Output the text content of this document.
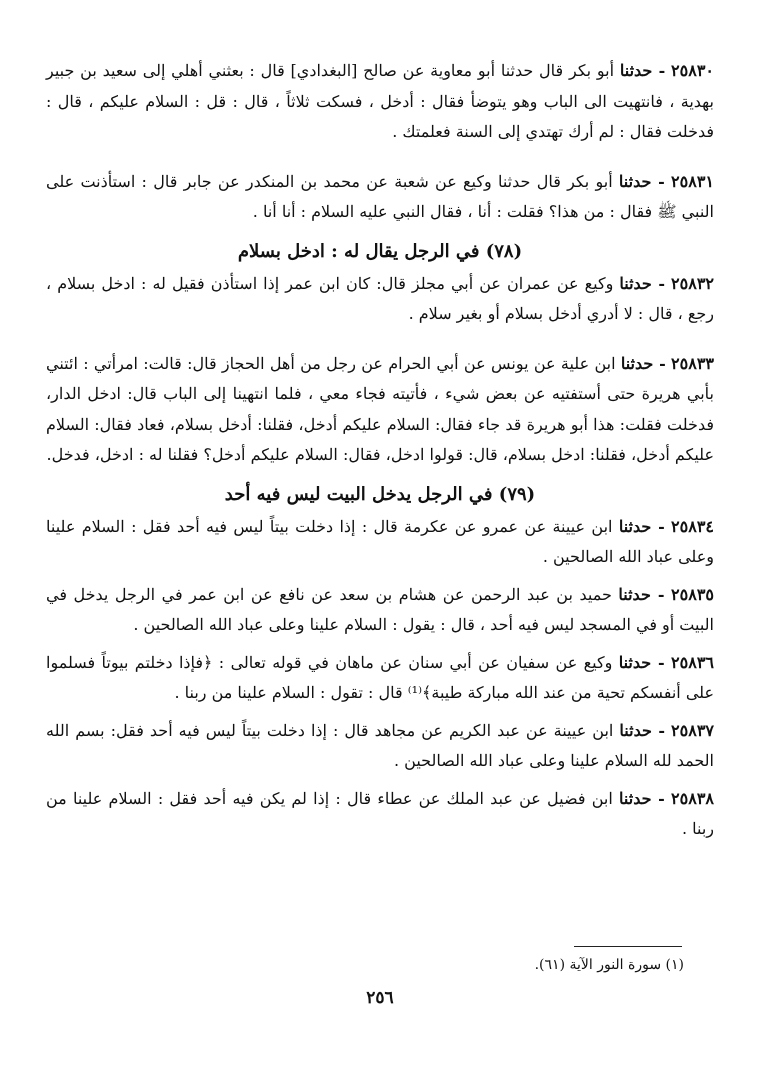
٢٥٨٣٠ - حدثنا أبو بكر قال حدثنا أبو معاوية عن صالح [البغدادي] قال : بعثني أهلي إلى سعيد بن جبير بهدية ، فانتهيت الى الباب وهو يتوضأ فقال : أدخل ، فسكت ثلاثاً ، قال : قل : السلام عليكم ، قال : فدخلت فقال : لم أرك تهتدي إلى السنة فعلمتك .

٢٥٨٣١ - حدثنا أبو بكر قال حدثنا وكيع عن شعبة عن محمد بن المنكدر عن جابر قال : استأذنت على النبي ﷺ فقال : من هذا؟ فقلت : أنا ، فقال النبي عليه السلام : أنا أنا .

(٧٨) في الرجل يقال له : ادخل بسلام

٢٥٨٣٢ - حدثنا وكيع عن عمران عن أبي مجلز قال: كان ابن عمر إذا استأذن فقيل له : ادخل بسلام ، رجع ، قال : لا أدري أدخل بسلام أو بغير سلام .

٢٥٨٣٣ - حدثنا ابن علية عن يونس عن أبي الحرام عن رجل من أهل الحجاز قال: قالت: امرأتي : ائتني بأبي هريرة حتى أستفتيه عن بعض شيء ، فأتيته فجاء معي ، فلما انتهينا إلى الباب قال: ادخل الدار، فدخلت فقلت: هذا أبو هريرة قد جاء فقال: السلام عليكم أدخل، فقلنا: أدخل بسلام، فعاد فقال: السلام عليكم أدخل، فقلنا: ادخل بسلام، قال: قولوا ادخل، فقال: السلام عليكم أدخل؟ فقلنا له : ادخل، فدخل.

(٧٩) في الرجل يدخل البيت ليس فيه أحد

٢٥٨٣٤ - حدثنا ابن عيينة عن عمرو عن عكرمة قال : إذا دخلت بيتاً ليس فيه أحد فقل : السلام علينا وعلى عباد الله الصالحين .

٢٥٨٣٥ - حدثنا حميد بن عبد الرحمن عن هشام بن سعد عن نافع عن ابن عمر في الرجل يدخل في البيت أو في المسجد ليس فيه أحد ، قال : يقول : السلام علينا وعلى عباد الله الصالحين .

٢٥٨٣٦ - حدثنا وكيع عن سفيان عن أبي سنان عن ماهان في قوله تعالى : ﴿فإذا دخلتم بيوتاً فسلموا على أنفسكم تحية من عند الله مباركة طيبة﴾⁽¹⁾ قال : تقول : السلام علينا من ربنا .

٢٥٨٣٧ - حدثنا ابن عيينة عن عبد الكريم عن مجاهد قال : إذا دخلت بيتاً ليس فيه أحد فقل: بسم الله الحمد لله السلام علينا وعلى عباد الله الصالحين .

٢٥٨٣٨ - حدثنا ابن فضيل عن عبد الملك عن عطاء قال : إذا لم يكن فيه أحد فقل : السلام علينا من ربنا .

(١) سورة النور الآية (٦١).
٢٥٦
